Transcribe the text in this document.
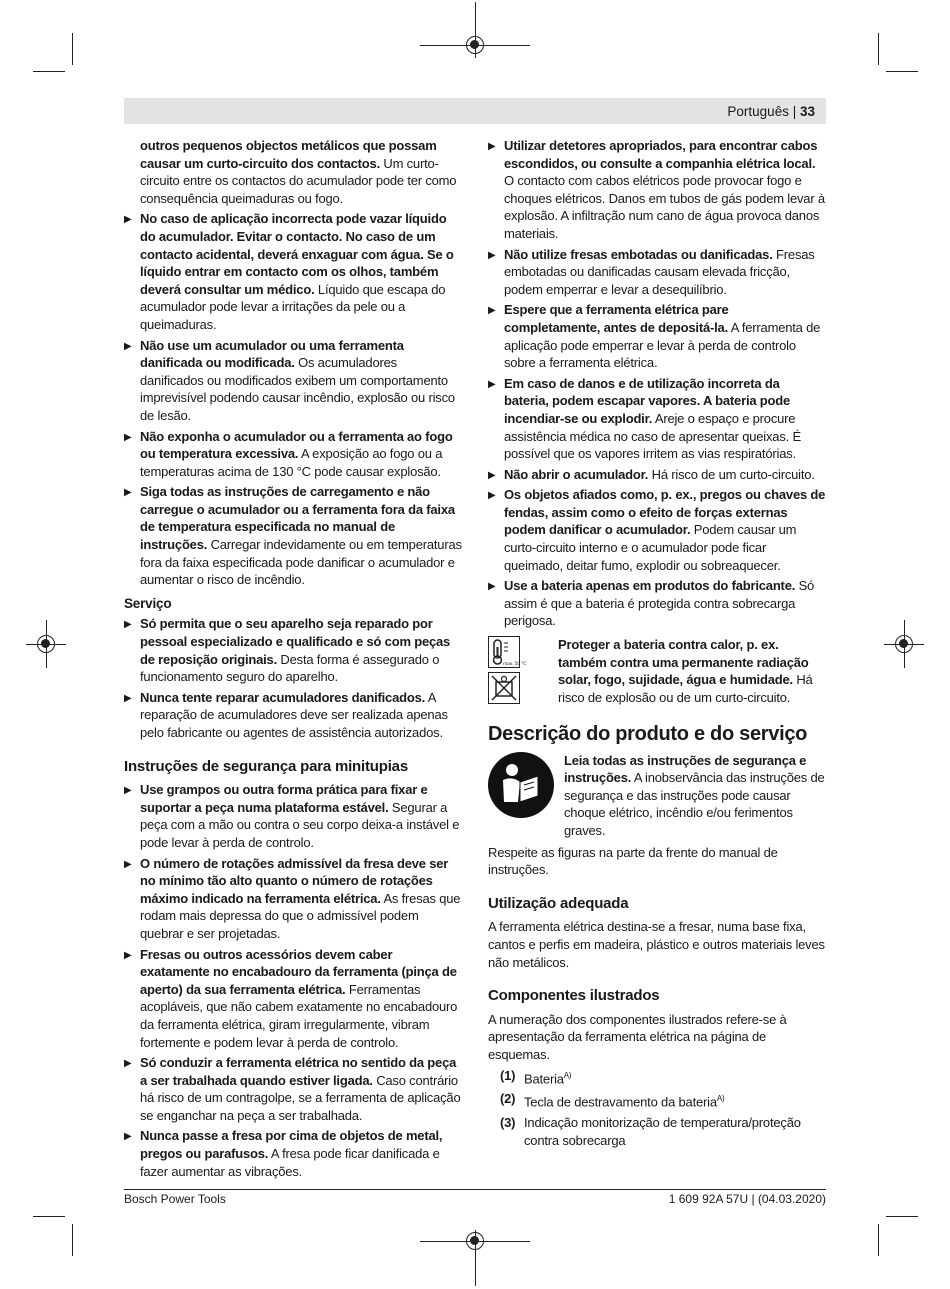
Português | 33

outros pequenos objectos metálicos que possam causar um curto-circuito dos contactos. Um curto-circuito entre os contactos do acumulador pode ter como consequência queimaduras ou fogo.

▶ No caso de aplicação incorrecta pode vazar líquido do acumulador. Evitar o contacto. No caso de um contacto acidental, deverá enxaguar com água. Se o líquido entrar em contacto com os olhos, também deverá consultar um médico. Líquido que escapa do acumulador pode levar a irritações da pele ou a queimaduras.
▶ Não use um acumulador ou uma ferramenta danificada ou modificada. Os acumuladores danificados ou modificados exibem um comportamento imprevisível podendo causar incêndio, explosão ou risco de lesão.
▶ Não exponha o acumulador ou a ferramenta ao fogo ou temperatura excessiva. A exposição ao fogo ou a temperaturas acima de 130 °C pode causar explosão.
▶ Siga todas as instruções de carregamento e não carregue o acumulador ou a ferramenta fora da faixa de temperatura especificada no manual de instruções. Carregar indevidamente ou em temperaturas fora da faixa especificada pode danificar o acumulador e aumentar o risco de incêndio.
Serviço
▶ Só permita que o seu aparelho seja reparado por pessoal especializado e qualificado e só com peças de reposição originais. Desta forma é assegurado o funcionamento seguro do aparelho.
▶ Nunca tente reparar acumuladores danificados. A reparação de acumuladores deve ser realizada apenas pelo fabricante ou agentes de assistência autorizados.
Instruções de segurança para minitupias
▶ Use grampos ou outra forma prática para fixar e suportar a peça numa plataforma estável. Segurar a peça com a mão ou contra o seu corpo deixa-a instável e pode levar à perda de controlo.
▶ O número de rotações admissível da fresa deve ser no mínimo tão alto quanto o número de rotações máximo indicado na ferramenta elétrica. As fresas que rodam mais depressa do que o admissível podem quebrar e ser projetadas.
▶ Fresas ou outros acessórios devem caber exatamente no encabadouro da ferramenta (pinça de aperto) da sua ferramenta elétrica. Ferramentas acopláveis, que não cabem exatamente no encabadouro da ferramenta elétrica, giram irregularmente, vibram fortemente e podem levar à perda de controlo.
▶ Só conduzir a ferramenta elétrica no sentido da peça a ser trabalhada quando estiver ligada. Caso contrário há risco de um contragolpe, se a ferramenta de aplicação se enganchar na peça a ser trabalhada.
▶ Nunca passe a fresa por cima de objetos de metal, pregos ou parafusos. A fresa pode ficar danificada e fazer aumentar as vibrações.
▶ Utilizar detetores apropriados, para encontrar cabos escondidos, ou consulte a companhia elétrica local. O contacto com cabos elétricos pode provocar fogo e choques elétricos. Danos em tubos de gás podem levar à explosão. A infiltração num cano de água provoca danos materiais.
▶ Não utilize fresas embotadas ou danificadas. Fresas embotadas ou danificadas causam elevada fricção, podem emperrar e levar a desequilíbrio.
▶ Espere que a ferramenta elétrica pare completamente, antes de depositá-la. A ferramenta de aplicação pode emperrar e levar à perda de controlo sobre a ferramenta elétrica.
▶ Em caso de danos e de utilização incorreta da bateria, podem escapar vapores. A bateria pode incendiar-se ou explodir. Areje o espaço e procure assistência médica no caso de apresentar queixas. É possível que os vapores irritem as vias respiratórias.
▶ Não abrir o acumulador. Há risco de um curto-circuito.
▶ Os objetos afiados como, p. ex., pregos ou chaves de fendas, assim como o efeito de forças externas podem danificar o acumulador. Podem causar um curto-circuito interno e o acumulador pode ficar queimado, deitar fumo, explodir ou sobreaquecer.
▶ Use a bateria apenas em produtos do fabricante. Só assim é que a bateria é protegida contra sobrecarga perigosa.
max. 50 °C
Proteger a bateria contra calor, p. ex. também contra uma permanente radiação solar, fogo, sujidade, água e humidade. Há risco de explosão ou de um curto-circuito.
Descrição do produto e do serviço
Leia todas as instruções de segurança e instruções. A inobservância das instruções de segurança e das instruções pode causar choque elétrico, incêndio e/ou ferimentos graves.

Respeite as figuras na parte da frente do manual de instruções.

Utilização adequada

A ferramenta elétrica destina-se a fresar, numa base fixa, cantos e perfis em madeira, plástico e outros materiais leves não metálicos.

Componentes ilustrados

A numeração dos componentes ilustrados refere-se à apresentação da ferramenta elétrica na página de esquemas.

(1) Bateria$^{A)}$
(2) Tecla de destravamento da bateria$^{A)}$
(3) Indicação monitorização de temperatura/proteção contra sobrecarga
Bosch Power Tools	1 609 92A 57U | (04.03.2020)
